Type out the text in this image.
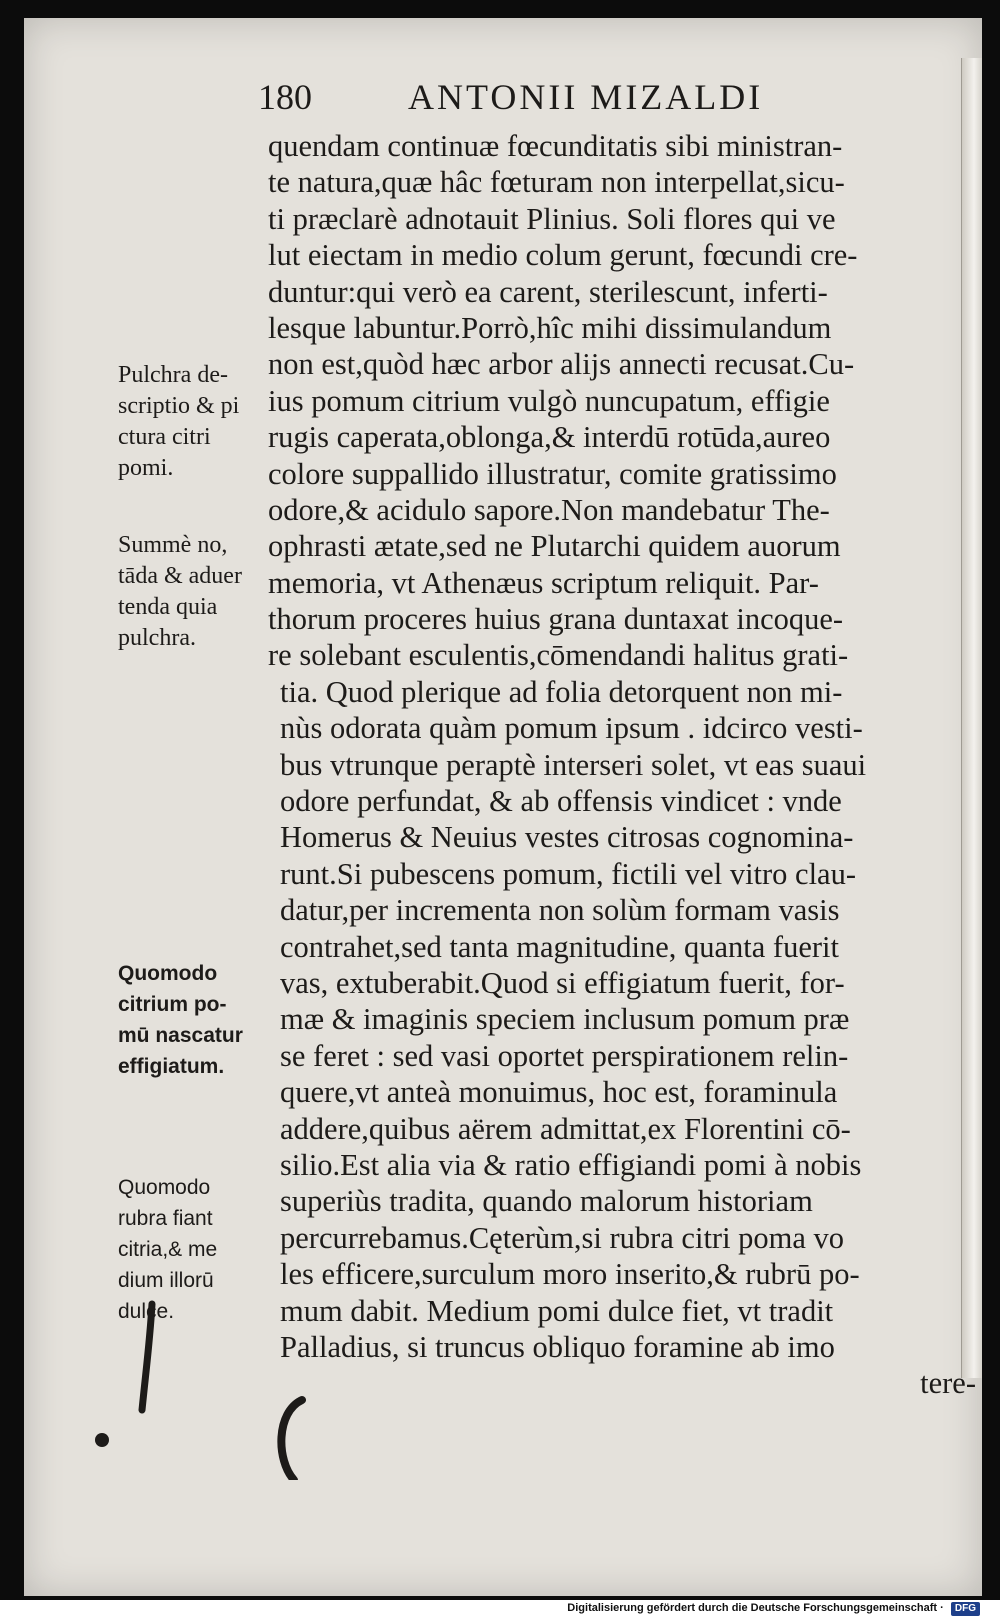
180	ANTONII MIZALDI
quendam continuæ fœcunditatis sibi ministran-
te natura,quæ hâc fœturam non interpellat,sicu-
ti præclarè adnotauit Plinius. Soli flores qui ve
lut eiectam in medio colum gerunt, fœcundi cre-
duntur:qui verò ea carent, sterilescunt, inferti-
lesque labuntur.Porrò,hîc mihi dissimulandum
non est,quòd hæc arbor alijs annecti recusat.Cu-
ius pomum citrium vulgò nuncupatum, effigie
rugis caperata,oblonga,& interdū rotūda,aureo
colore suppallido illustratur, comite gratissimo
odore,& acidulo sapore.Non mandebatur The-
ophrasti ætate,sed ne Plutarchi quidem auorum
memoria, vt Athenæus scriptum reliquit. Par-
thorum proceres huius grana duntaxat incoque-
re solebant esculentis,cōmendandi halitus grati-
tia. Quod plerique ad folia detorquent non mi-
nùs odorata quàm pomum ipsum . idcirco vesti-
bus vtrunque peraptè interseri solet, vt eas suaui
odore perfundat, & ab offensis vindicet : vnde
Homerus & Neuius vestes citrosas cognomina-
runt.Si pubescens pomum, fictili vel vitro clau-
datur,per incrementa non solùm formam vasis
contrahet,sed tanta magnitudine, quanta fuerit
vas, extuberabit.Quod si effigiatum fuerit, for-
mæ & imaginis speciem inclusum pomum præ
se feret : sed vasi oportet perspirationem relin-
quere,vt anteà monuimus, hoc est, foraminula
addere,quibus aërem admittat,ex Florentini cō-
silio.Est alia via & ratio effigiandi pomi à nobis
superiùs tradita, quando malorum historiam
percurrebamus.Cęterùm,si rubra citri poma vo
les efficere,surculum moro inserito,& rubrū po-
mum dabit. Medium pomi dulce fiet, vt tradit
Palladius, si truncus obliquo foramine ab imo
tere-
Pulchra de-
scriptio & pi
ctura citri
pomi.
Summè no,
tāda & aduer
tenda quia
pulchra.
Quomodo
citrium po-
mū nascatur
effigiatum.
Quomodo
rubra fiant
citria,& me
dium illorū
dulce.
Digitalisierung gefördert durch die Deutsche Forschungsgemeinschaft · DFG
